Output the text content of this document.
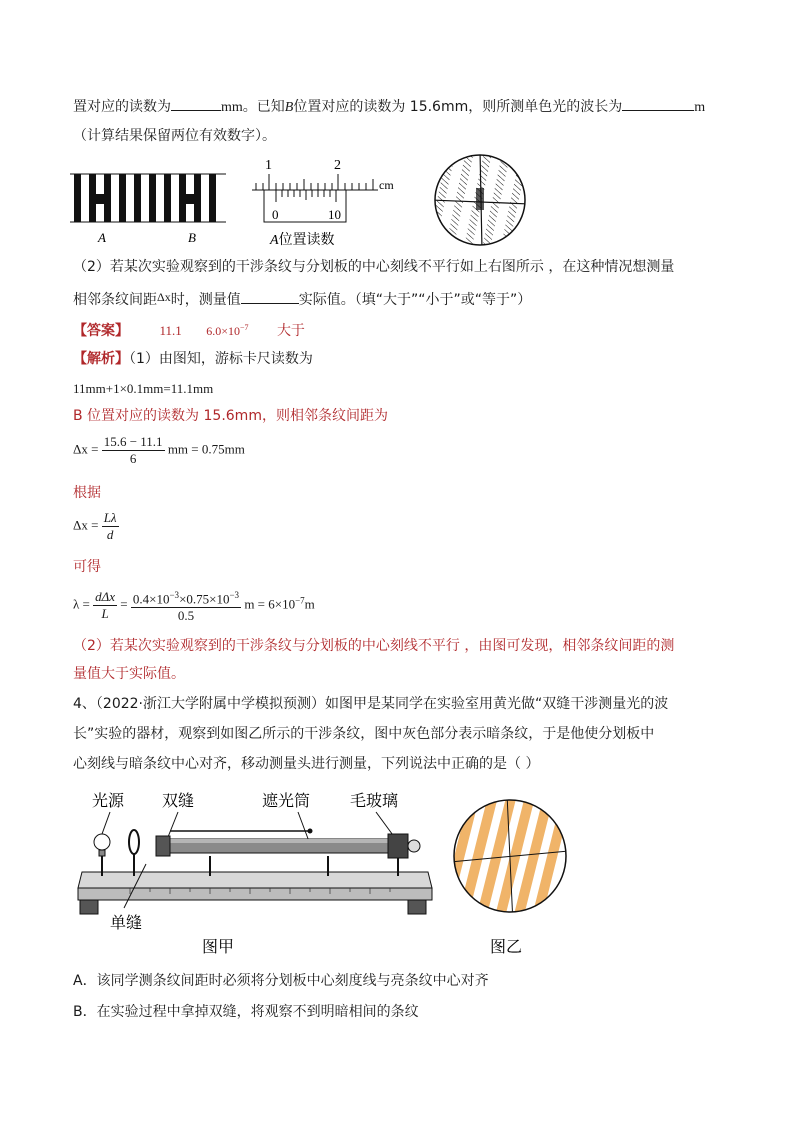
置对应的读数为	mm。已知B位置对应的读数为 15.6mm，则所测单色光的波长为	m
（计算结果保留两位有效数字）。
A	B
1	2
cm
0	10
A位置读数
（2）若某次实验观察到的干涉条纹与分划板的中心刻线不平行如上右图所示 ，在这种情况想测量
相邻条纹间距Δx时，测量值	实际值。（填“大于”“小于”或“等于”）
【答案】 11.1 $6.0\times 10^{-7}$ 大于
【解析】（1）由图知，游标卡尺读数为
11mm+1×0.1mm=11.1mm
B 位置对应的读数为 15.6mm，则相邻条纹间距为
$\Delta x = \frac{15.6 - 11.1}{6}$ mm = 0.75mm
根据
$\Delta x = \frac{L\lambda}{d}$
可得
$\lambda = \frac{\text{dΔx}}{L} = \frac{0.4\times 10^{-3}\times 0.75\times 10^{-3}}{0.5}$ $m = 6\times 10^{-7}m$
（2）若某次实验观察到的干涉条纹与分划板的中心刻线不平行 ，由图可发现，相邻条纹间距的测
量值大于实际值。
4、（2022·浙江大学附属中学模拟预测）如图甲是某同学在实验室用黄光做“双缝干涉测量光的波
长”实验的器材，观察到如图乙所示的干涉条纹，图中灰色部分表示暗条纹，于是他使分划板中
心刻线与暗条纹中心对齐，移动测量头进行测量，下列说法中正确的是（ ）
光源 双缝	遮光筒 毛玻璃
单缝
图甲	图乙
A．该同学测条纹间距时必须将分划板中心刻度线与亮条纹中心对齐
B．在实验过程中拿掉双缝，将观察不到明暗相间的条纹
